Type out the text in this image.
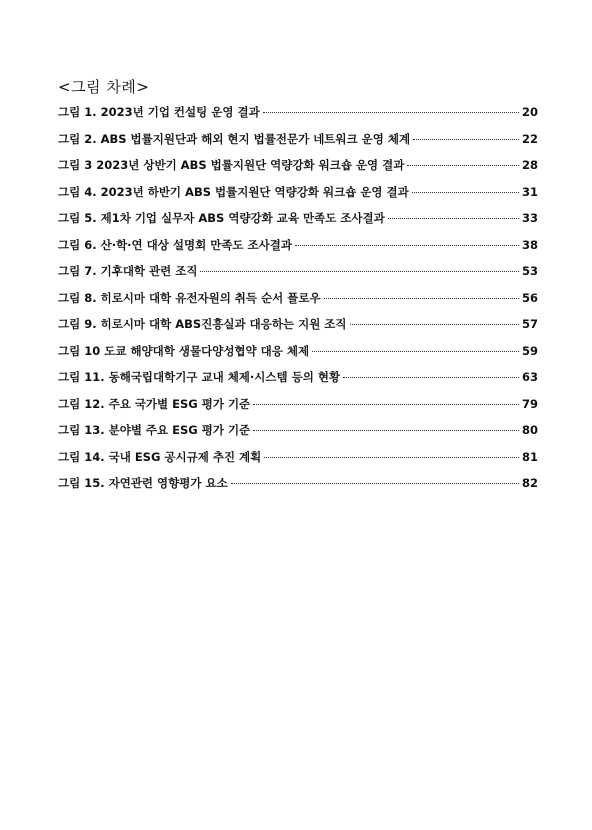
<그림 차례>
그림 1. 2023년 기업 컨설팅 운영 결과	20
그림 2. ABS 법률지원단과 해외 현지 법률전문가 네트워크 운영 체계	22
그림 3 2023년 상반기 ABS 법률지원단 역량강화 워크숍 운영 결과	28
그림 4. 2023년 하반기 ABS 법률지원단 역량강화 워크숍 운영 결과	31
그림 5. 제1차 기업 실무자 ABS 역량강화 교육 만족도 조사결과	33
그림 6. 산·학·연 대상 설명회 만족도 조사결과	38
그림 7. 기후대학 관련 조직	53
그림 8. 히로시마 대학 유전자원의 취득 순서 플로우	56
그림 9. 히로시마 대학 ABS진흥실과 대응하는 지원 조직	57
그림 10 도쿄 해양대학 생물다양성협약 대응 체제	59
그림 11. 동해국립대학기구 교내 체제·시스템 등의 현황	63
그림 12. 주요 국가별 ESG 평가 기준	79
그림 13. 분야별 주요 ESG 평가 기준	80
그림 14. 국내 ESG 공시규제 추진 계획	81
그림 15. 자연관련 영향평가 요소	82
